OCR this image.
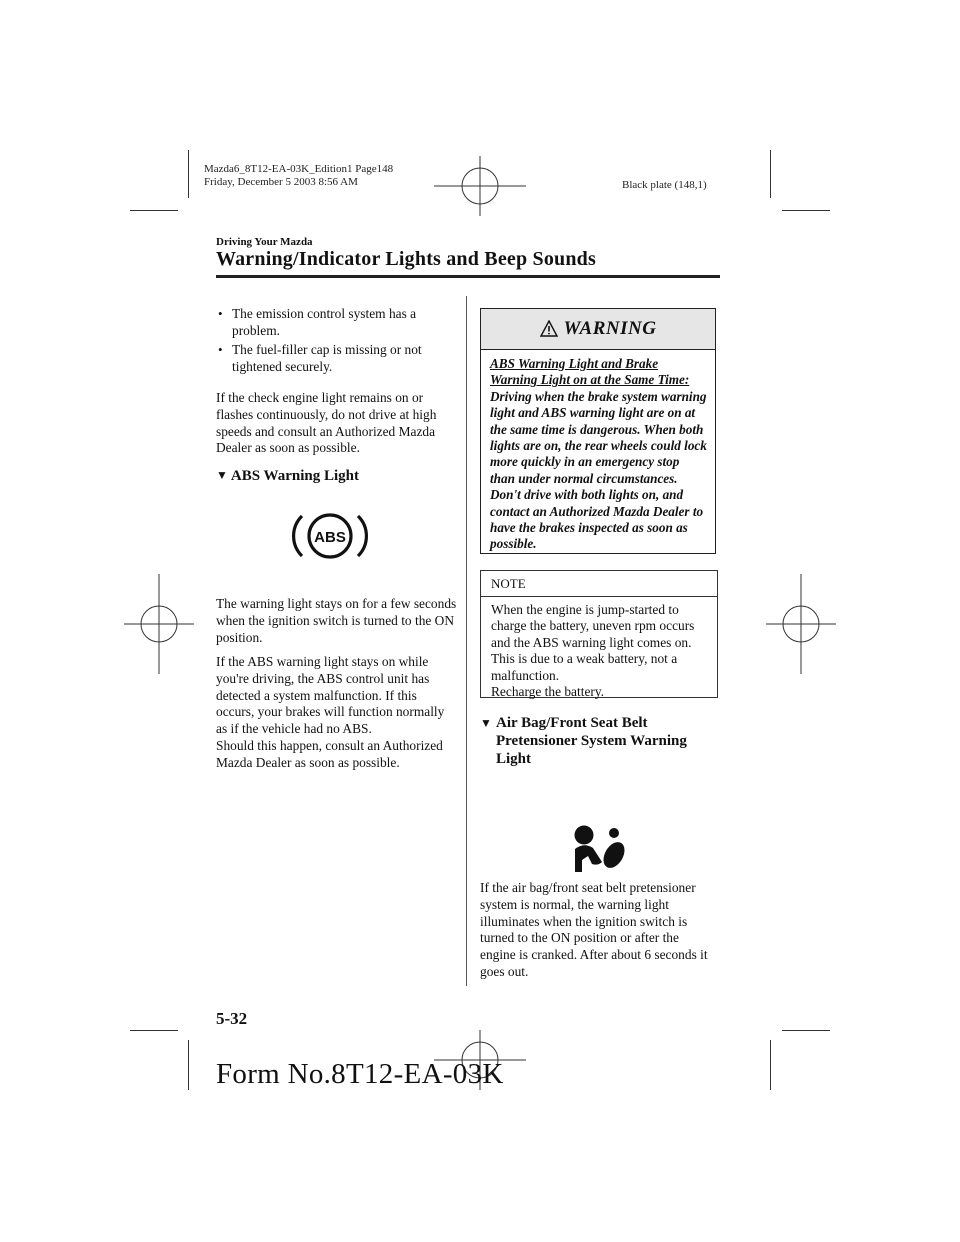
Mazda6_8T12-EA-03K_Edition1 Page148
Friday, December 5 2003 8:56 AM	Black plate (148,1)
Driving Your Mazda
Warning/Indicator Lights and Beep Sounds
• The emission control system has a problem.
• The fuel-filler cap is missing or not tightened securely.
If the check engine light remains on or flashes continuously, do not drive at high speeds and consult an Authorized Mazda Dealer as soon as possible.
▼ ABS Warning Light
ABS
The warning light stays on for a few seconds when the ignition switch is turned to the ON position.
If the ABS warning light stays on while you're driving, the ABS control unit has detected a system malfunction. If this occurs, your brakes will function normally as if the vehicle had no ABS.
Should this happen, consult an Authorized Mazda Dealer as soon as possible.
WARNING
ABS Warning Light and Brake Warning Light on at the Same Time:
Driving when the brake system warning light and ABS warning light are on at the same time is dangerous. When both lights are on, the rear wheels could lock more quickly in an emergency stop than under normal circumstances.
Don't drive with both lights on, and contact an Authorized Mazda Dealer to have the brakes inspected as soon as possible.
NOTE
When the engine is jump-started to charge the battery, uneven rpm occurs and the ABS warning light comes on. This is due to a weak battery, not a malfunction.
Recharge the battery.
▼ Air Bag/Front Seat Belt Pretensioner System Warning Light
If the air bag/front seat belt pretensioner system is normal, the warning light illuminates when the ignition switch is turned to the ON position or after the engine is cranked. After about 6 seconds it goes out.
5-32
Form No.8T12-EA-03K
